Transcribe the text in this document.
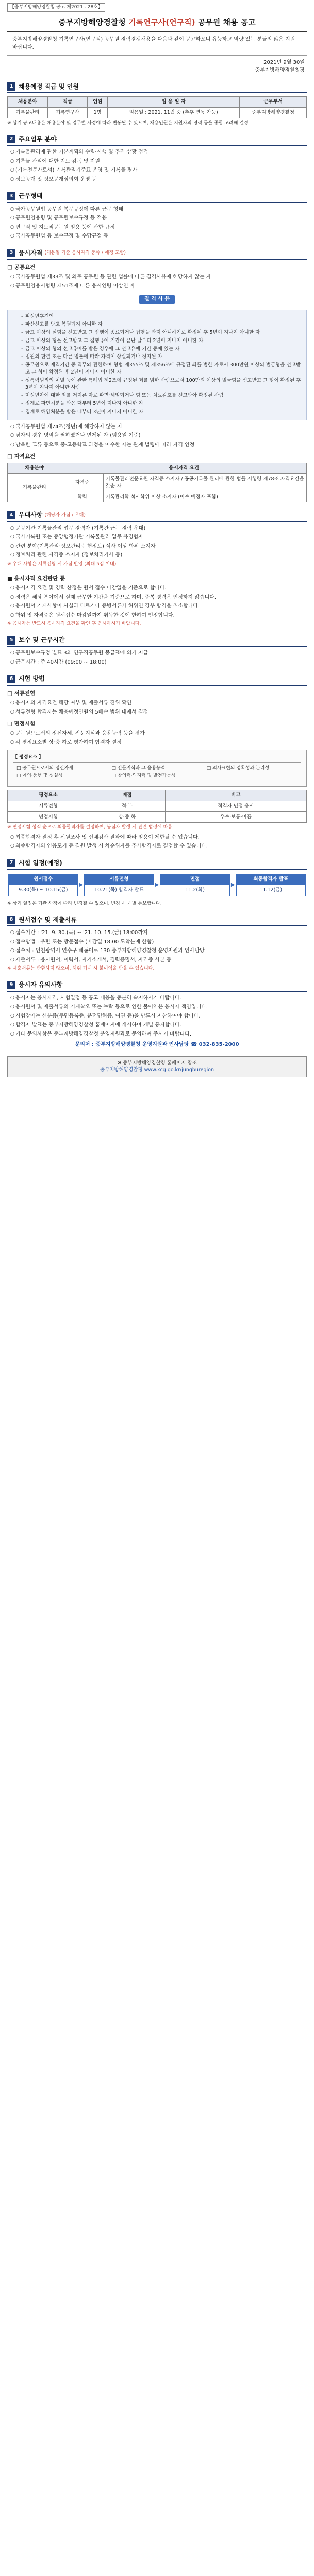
【중부지방해양경찰청 공고 제2021 - 28호】
중부지방해양경찰청 기록연구사(연구직) 공무원 채용 공고
중부지방해양경찰청 기록연구사(연구직) 공무원 경력경쟁채용을 다음과 같이 공고하오니 유능하고 역량 있는 분들의 많은 지원 바랍니다.
2021년 9월 30일
중부지방해양경찰청장
1 채용예정 직급 및 인원
채용분야	직급	인원	임 용 일 자	근무부서
기록물관리	기록연구사	1명	임용일 : 2021. 11월 중 (추후 변동 가능)	중부지방해양경찰청
※ 상기 공고내용은 채용분야 및 업무별 사정에 따라 변동될 수 있으며, 채용인원은 지원자의 경력 등을 종합 고려해 결정
2 주요업무 분야
○ 기록물관리에 관한 기본계획의 수립·시행 및 추진 상황 점검
○ 기록물 관리에 대한 지도·감독 및 지원
○ (기록전문가로서) 기록관리기준표 운영 및 기록물 평가
○ 정보공개 및 정보공개심의회 운영 등
3 근무형태
○ 국가공무원법 공무원 복무규정에 따른 근무 형태
○ 공무원임용령 및 공무원보수규정 등 적용
○ 연구직 및 지도직공무원 임용 등에 관한 규정
○ 국가공무원법 등 보수규정 및 수당규정 등
3 응시자격 (채용일 기준 응시자격 충족 / 예정 포함)
□ 공통요건
○ 국가공무원법 제33조 및 외무 공무원 등 관련 법률에 따른 결격사유에 해당하지 않는 자
○ 공무원임용시험령 제51조에 따른 응시연령 이상인 자
결 격 사 유
- 피성년후견인
- 파산선고를 받고 복권되지 아니한 자
- 금고 이상의 실형을 선고받고 그 집행이 종료되거나 집행을 받지 아니하기로 확정된 후 5년이 지나지 아니한 자
- 금고 이상의 형을 선고받고 그 집행유예 기간이 끝난 날부터 2년이 지나지 아니한 자
- 금고 이상의 형의 선고유예를 받은 경우에 그 선고유예 기간 중에 있는 자
- 법원의 판결 또는 다른 법률에 따라 자격이 상실되거나 정지된 자
- 공무원으로 재직기간 중 직무와 관련하여 형법 제355조 및 제356조에 규정된 죄를 범한 자로서 300만원 이상의 벌금형을 선고받고 그 형이 확정된 후 2년이 지나지 아니한 자
- 성폭력범죄의 처벌 등에 관한 특례법 제2조에 규정된 죄를 범한 사람으로서 100만원 이상의 벌금형을 선고받고 그 형이 확정된 후 3년이 지나지 아니한 사람
- 미성년자에 대한 죄를 저지른 자로 파면·해임되거나 형 또는 치료감호를 선고받아 확정된 사람
- 징계로 파면처분을 받은 때부터 5년이 지나지 아니한 자
- 징계로 해임처분을 받은 때부터 3년이 지나지 아니한 자
○ 국가공무원법 제74조(정년)에 해당하지 않는 자
○ 남자의 경우 병역을 필하였거나 면제된 자 (임용일 기준)
○ 남북한 교류 등으로 중·고등학교 과정을 이수한 자는 관계 법령에 따라 자격 인정
□ 자격요건
채용분야	응시자격 요건	
기록물관리	자격증	기록물관리전문요원 자격증 소지자 / 공공기록물 관리에 관한 법률 시행령 제78조 자격요건을 갖춘 자
	학력	기록관리학 석사학위 이상 소지자 (이수 예정자 포함)
4 우대사항 (해당자 가점 / 우대)
○ 공공기관 기록물관리 업무 경력자 (기록관 근무 경력 우대)
○ 국가기록원 또는 중앙행정기관 기록물관리 업무 유경험자
○ 관련 분야(기록관리·정보관리·문헌정보) 석사 이상 학위 소지자
○ 정보처리 관련 자격증 소지자 (정보처리기사 등)
※ 우대 사항은 서류전형 시 가점 반영 (최대 5점 이내)
■ 응시자격 요건판단 등
○ 응시자격 요건 및 경력 산정은 원서 접수 마감일을 기준으로 합니다.
○ 경력은 해당 분야에서 실제 근무한 기간을 기준으로 하며, 중복 경력은 인정하지 않습니다.
○ 응시원서 기재사항이 사실과 다르거나 증빙서류가 허위인 경우 합격을 취소합니다.
○ 학위 및 자격증은 원서접수 마감일까지 취득한 것에 한하여 인정합니다.
※ 응시자는 반드시 응시자격 요건을 확인 후 응시하시기 바랍니다.
5 보수 및 근무시간
○ 공무원보수규정 별표 3의 연구직공무원 봉급표에 의거 지급
○ 근무시간 : 주 40시간 (09:00 ~ 18:00)
6 시험 방법
□ 서류전형
○ 응시자의 자격요건 해당 여부 및 제출서류 진위 확인
○ 서류전형 합격자는 채용예정인원의 5배수 범위 내에서 결정
□ 면접시험
○ 공무원으로서의 정신자세, 전문지식과 응용능력 등을 평가
○ 각 평정요소별 상·중·하로 평가하여 합격자 결정
【 평정요소 】
□ 공무원으로서의 정신자세	□ 전문지식과 그 응용능력	□ 의사표현의 정확성과 논리성
□ 예의·품행 및 성실성	□ 창의력·의지력 및 발전가능성
평정요소	배점	비고
서류전형	적·부	적격자 면접 응시
면접시험	상·중·하	우수·보통·미흡
※ 면접시험 성적 순으로 최종합격자를 결정하며, 동점자 발생 시 관련 법령에 따름
○ 최종합격자 결정 후 신원조사 및 신체검사 결과에 따라 임용이 제한될 수 있습니다.
○ 최종합격자의 임용포기 등 결원 발생 시 차순위자를 추가합격자로 결정할 수 있습니다.
7 시험 일정(예정)
원서접수
9.30(목) ~ 10.15(금)
▶
서류전형
10.21(목) 합격자 발표
▶
면접
11.2(화)
▶
최종합격자 발표
11.12(금)
※ 상기 일정은 기관 사정에 따라 변경될 수 있으며, 변경 시 개별 통보합니다.
8 원서접수 및 제출서류
○ 접수기간 : '21. 9. 30.(목) ~ '21. 10. 15.(금) 18:00까지
○ 접수방법 : 우편 또는 방문접수 (마감일 18:00 도착분에 한함)
○ 접수처 : 인천광역시 연수구 해돋이로 130 중부지방해양경찰청 운영지원과 인사담당
○ 제출서류 : 응시원서, 이력서, 자기소개서, 경력증명서, 자격증 사본 등
※ 제출서류는 반환하지 않으며, 허위 기재 시 불이익을 받을 수 있습니다.
9 응시자 유의사항
○ 응시자는 응시자격, 시험일정 등 공고 내용을 충분히 숙지하시기 바랍니다.
○ 응시원서 및 제출서류의 기재착오 또는 누락 등으로 인한 불이익은 응시자 책임입니다.
○ 시험장에는 신분증(주민등록증, 운전면허증, 여권 등)을 반드시 지참하여야 합니다.
○ 합격자 발표는 중부지방해양경찰청 홈페이지에 게시하며 개별 통지합니다.
○ 기타 문의사항은 중부지방해양경찰청 운영지원과로 문의하여 주시기 바랍니다.
문의처 : 중부지방해양경찰청 운영지원과 인사담당 ☎ 032-835-2000
※ 중부지방해양경찰청 홈페이지 참조
중부지방해양경찰청 www.kcg.go.kr/jungburegion
